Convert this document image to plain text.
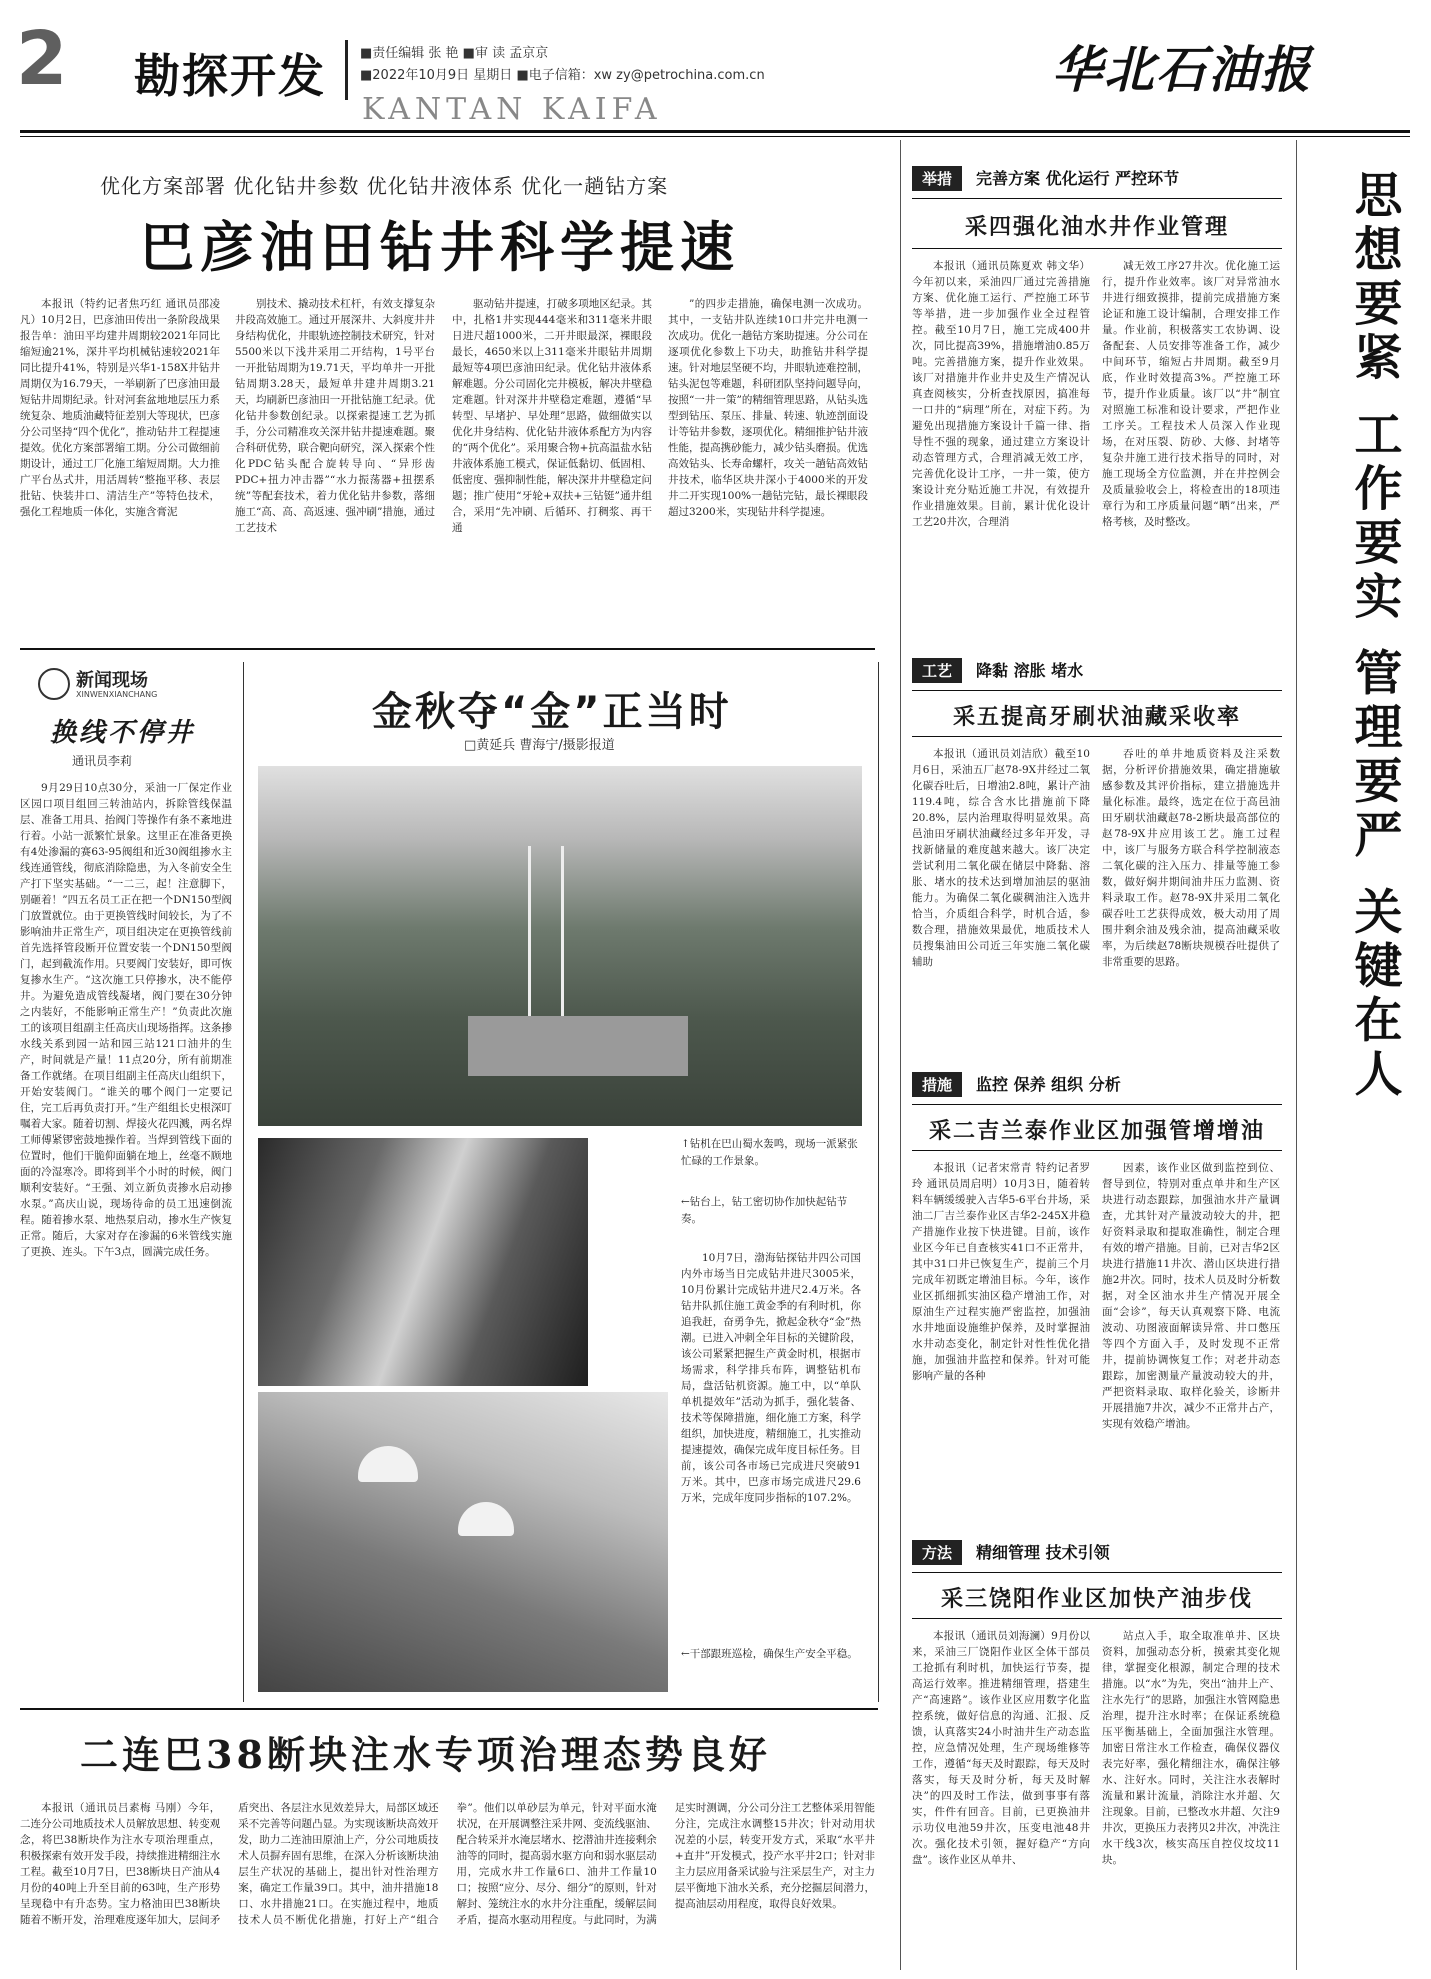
2 勘探开发	■责任编辑 张 艳 ■审 读 孟京京
■2022年10月9日 星期日 ■电子信箱：xw zy@petrochina.com.cn
KANTAN KAIFA
华北石油报
优化方案部署 优化钻井参数 优化钻井液体系 优化一趟钻方案
巴彦油田钻井科学提速
本报讯（特约记者焦巧红 通讯员邵凌凡）10月2日，巴彦油田传出一条阶段战果报告单：油田平均建井周期较2021年同比缩短逾21%，深井平均机械钻速较2021年同比提升41%，特别是兴华1-158X井钻井周期仅为16.79天，一举刷新了巴彦油田最短钻井周期纪录。针对河套盆地地层压力系统复杂、地质油藏特征差别大等现状，巴彦分公司坚持“四个优化”，推动钻井工程提速提效。优化方案部署缩工期。分公司做细前期设计，通过工厂化施工缩短周期。大力推广平台丛式井，用活周转“整拖平移、表层批钻、快装井口、清洁生产”等特色技术，强化工程地质一体化，实施含膏泥
别技术、撬动技术杠杆，有效支撑复杂井段高效施工。通过开展深井、大斜度井井身结构优化，井眼轨迹控制技术研究，针对5500米以下浅井采用二开结构，1号平台一开批钻周期为19.71天，平均单井一开批钻周期3.28天，最短单井建井周期3.21天，均刷新巴彦油田一开批钻施工纪录。优化钻井参数创纪录。以探索提速工艺为抓手，分公司精准攻关深井钻井提速难题。聚合科研优势，联合靶向研究，深入探索个性化PDC钻头配合旋转导向、“异形齿PDC+扭力冲击器”“水力振荡器+扭摆系统”等配套技术，着力优化钻井参数，落细施工“高、高、高返速、强冲刷”措施，通过工艺技术
驱动钻井提速，打破多项地区纪录。其中，扎格1井实现444毫米和311毫米井眼日进尺超1000米，二开井眼最深，裸眼段最长，4650米以上311毫米井眼钻井周期最短等4项巴彦油田纪录。优化钻井液体系解难题。分公司固化完井模板，解决井壁稳定难题。针对深井井壁稳定难题，遵循“早转型、早堵护、早处理”思路，做细做实以优化井身结构、优化钻井液体系配方为内容的“两个优化”。采用聚合物+抗高温盐水钻井液体系施工模式，保证低黏切、低固相、低密度、强抑制性能，解决深井井壁稳定问题；推广使用“牙轮+双扶+三钻铤”通井组合，采用“先冲刷、后循环、打稠浆、再干通
”的四步走措施，确保电测一次成功。其中，一支钻井队连续10口井完井电测一次成功。优化一趟钻方案助提速。分公司在逐项优化参数上下功夫，助推钻井科学提速。针对地层坚硬不均，井眼轨迹难控制，钻头泥包等难题，科研团队坚持问题导向，按照“一井一策”的精细管理思路，从钻头选型到钻压、泵压、排量、转速、轨迹剖面设计等钻井参数，逐项优化。精细推护钻井液性能，提高携砂能力，减少钻头磨损。优选高效钻头、长寿命螺杆，攻关一趟钻高效钻井技术，临华区块井深小于4000米的开发井二开实现100%一趟钻完钻，最长裸眼段超过3200米，实现钻井科学提速。
新闻现场
XINWENXIANCHANG
换线不停井
通讯员李莉
9月29日10点30分，采油一厂保定作业区园口项目组回三转油站内，拆除管线保温层、准备工用具、抬阀门等操作有条不紊地进行着。小站一派繁忙景象。这里正在准备更换有4处渗漏的赛63-95阀组和近30阀组掺水主线连通管线，彻底消除隐患，为入冬前安全生产打下坚实基础。“一二三，起！注意脚下，别砸着！”四五名员工正在把一个DN150型阀门放置就位。由于更换管线时间较长，为了不影响油井正常生产，项目组决定在更换管线前首先选择管段断开位置安装一个DN150型阀门，起到截流作用。只要阀门安装好，即可恢复掺水生产。“这次施工只停掺水，决不能停井。为避免造成管线凝堵，阀门要在30分钟之内装好，不能影响正常生产！”负责此次施工的该项目组副主任高庆山现场指挥。这条掺水线关系到园一站和园三站121口油井的生产，时间就是产量！11点20分，所有前期准备工作就绪。在项目组副主任高庆山组织下，开始安装阀门。“谁关的哪个阀门一定要记住，完工后再负责打开。”生产组组长史根深叮嘱着大家。随着切割、焊接火花四溅，两名焊工师傅紧锣密鼓地操作着。当焊到管线下面的位置时，他们干脆仰面躺在地上，丝毫不顾地面的冷湿寒冷。即将到半个小时的时候，阀门顺利安装好。“王强、刘立新负责掺水启动掺水泵。”高庆山说，现场待命的员工迅速倒流程。随着掺水泵、地热泵启动，掺水生产恢复正常。随后，大家对存在渗漏的6米管线实施了更换、连头。下午3点，圆满完成任务。
金秋夺“金”正当时
□黄延兵 曹海宁/摄影报道
↑钻机在巴山蜀水轰鸣，现场一派紧张忙碌的工作景象。
←钻台上，钻工密切协作加快起钻节奏。
10月7日，渤海钻探钻井四公司国内外市场当日完成钻井进尺3005米，10月份累计完成钻井进尺2.4万米。各钻井队抓住施工黄金季的有利时机，你追我赶，奋勇争先，掀起金秋夺“金”热潮。已进入冲刺全年目标的关键阶段，该公司紧紧把握生产黄金时机，根据市场需求，科学排兵布阵，调整钻机布局，盘活钻机资源。施工中，以“单队单机提效年”活动为抓手，强化装备、技术等保障措施，细化施工方案，科学组织，加快进度，精细施工，扎实推动提速提效，确保完成年度目标任务。目前，该公司各市场已完成进尺突破91万米。其中，巴彦市场完成进尺29.6万米，完成年度同步指标的107.2%。
←干部跟班巡检，确保生产安全平稳。
二连巴38断块注水专项治理态势良好
本报讯（通讯员吕素梅 马刚）今年，二连分公司地质技术人员解放思想、转变观念，将巴38断块作为注水专项治理重点，积极探索有效开发手段，持续推进精细注水工程。截至10月7日，巴38断块日产油从4月份的40吨上升至目前的63吨，生产形势呈现稳中有升态势。宝力格油田巴38断块随着不断开发，治理难度逐年加大，层间矛盾突出、各层注水见效差异大，局部区域还采不完善等问题凸显。为实现该断块高效开发，助力二连油田原油上产，分公司地质技术人员摒弃固有思维，在深入分析该断块油层生产状况的基础上，提出针对性治理方案，确定工作量39口。其中，油井措施18口、水井措施21口。在实施过程中，地质技术人员不断优化措施，打好上产“组合拳”。他们以单砂层为单元，针对平面水淹状况，在开展调整注采井网、变流线驱油、配合转采并水淹层堵水、挖潜油井连接剩余油等的同时，提高弱水驱方向和弱水驱层动用，完成水井工作量6口、油井工作量10口；按照“应分、尽分、细分”的原则，针对解封、笼统注水的水井分注重配，缓解层间矛盾，提高水驱动用程度。与此同时，为满足实时测调，分公司分注工艺整体采用智能分注，完成注水调整15井次；针对动用状况差的小层，转变开发方式，采取“水平井+直井”开发模式，投产水平井2口；针对非主力层应用备采试验与注采层生产，对主力层平衡地下油水关系，充分挖掘层间潜力，提高油层动用程度，取得良好效果。
举措 完善方案 优化运行 严控环节
采四强化油水井作业管理
本报讯（通讯员陈夏欢 韩文华）今年初以来，采油四厂通过完善措施方案、优化施工运行、严控施工环节等举措，进一步加强作业全过程管控。截至10月7日，施工完成400井次，同比提高39%，措施增油0.85万吨。完善措施方案，提升作业效果。该厂对措施井作业井史及生产情况认真查阅核实，分析查找原因，搞准每一口井的“病理”所在，对症下药。为避免出现措施方案设计千篇一律、指导性不强的现象，通过建立方案设计动态管理方式，合理消减无效工序，完善优化设计工序，一井一策，使方案设计充分贴近施工井况，有效提升作业措施效果。目前，累计优化设计工艺20井次，合理消
减无效工序27井次。优化施工运行，提升作业效率。该厂对异常油水井进行细致摸排，提前完成措施方案论证和施工设计编制，合理安排工作量。作业前，积极落实工农协调、设备配套、人员安排等准备工作，减少中间环节，缩短占井周期。截至9月底，作业时效提高3%。严控施工环节，提升作业质量。该厂以“井”制宜对照施工标准和设计要求，严把作业工序关。工程技术人员深入作业现场，在对压裂、防砂、大修、封堵等复杂井施工进行技术指导的同时，对施工现场全方位监测，并在井控例会及质量验收会上，将检查出的18项违章行为和工序质量问题“晒”出来，严格考核，及时整改。
工艺 降黏 溶胀 堵水
采五提高牙刷状油藏采收率
本报讯（通讯员刘洁欣）截至10月6日，采油五厂赵78-9X井经过二氧化碳吞吐后，日增油2.8吨，累计产油119.4吨，综合含水比措施前下降20.8%，层内治理取得明显效果。高邑油田牙刷状油藏经过多年开发，寻找新储量的难度越来越大。该厂决定尝试利用二氧化碳在储层中降黏、溶胀、堵水的技术达到增加油层的驱油能力。为确保二氧化碳稠油注入选井恰当，介质组合科学，时机合适，参数合理，措施效果最优，地质技术人员搜集油田公司近三年实施二氧化碳辅助
吞吐的单井地质资料及注采数据，分析评价措施效果，确定措施敏感参数及其评价指标，建立措施选井量化标准。最终，选定在位于高邑油田牙刷状油藏赵78-2断块最高部位的赵78-9X井应用该工艺。施工过程中，该厂与服务方联合科学控制液态二氧化碳的注入压力、排量等施工参数，做好焖井期间油井压力监测、资料录取工作。赵78-9X井采用二氧化碳吞吐工艺获得成效，极大动用了周围井剩余油及残余油，提高油藏采收率，为后续赵78断块规模吞吐提供了非常重要的思路。
措施 监控 保养 组织 分析
采二吉兰泰作业区加强管增增油
本报讯（记者宋常青 特约记者罗玲 通讯员周启明）10月3日，随着转料车辆缓缓驶入吉华5-6平台井场，采油二厂吉兰泰作业区吉华2-245X井稳产措施作业按下快进键。目前，该作业区今年已自查核实41口不正常井，其中31口井已恢复生产，提前三个月完成年初既定增油目标。今年，该作业区抓细抓实油区稳产增油工作，对原油生产过程实施严密监控，加强油水井地面设施维护保养，及时掌握油水井动态变化，制定针对性性优化措施，加强油井监控和保养。针对可能影响产量的各种
因素，该作业区做到监控到位、督导到位，特别对重点单井和生产区块进行动态跟踪，加强油水井产量调查，尤其针对产量波动较大的井，把好资料录取和提取准确性，制定合理有效的增产措施。目前，已对吉华2区块进行措施11井次、潜山区块进行措施2井次。同时，技术人员及时分析数据，对全区油水井生产情况开展全面“会诊”，每天认真观察下降、电流波动、功图液面解读异常、井口憋压等四个方面入手，及时发现不正常井，提前协调恢复工作；对老井动态跟踪，加密测量产量波动较大的井，严把资料录取、取样化验关，诊断井开展措施7井次，减少不正常井占产，实现有效稳产增油。
方法 精细管理 技术引领
采三饶阳作业区加快产油步伐
本报讯（通讯员刘海澜）9月份以来，采油三厂饶阳作业区全体干部员工抢抓有利时机，加快运行节奏，提高运行效率。推进精细管理，搭建生产“高速路”。该作业区应用数字化监控系统，做好信息的沟通、汇报、反馈，认真落实24小时油井生产动态监控，应急情况处理，生产现场维修等工作，遵循“每天及时跟踪，每天及时落实，每天及时分析，每天及时解决”的四及时工作法，做到事事有落实，件件有回音。目前，已更换油井示功仪电池59井次，压变电池48井次。强化技术引领，握好稳产“方向盘”。该作业区从单井、
站点入手，取全取准单井、区块资料，加强动态分析，摸索其变化规律，掌握变化根源，制定合理的技术措施。以“水”为先，突出“油井上产、注水先行”的思路，加强注水管网隐患治理，提升注水时率；在保证系统稳压平衡基础上，全面加强注水管理。加密日常注水工作检查，确保仪器仪表完好率，强化精细注水，确保注够水、注好水。同时，关注注水表解时流量和累计流量，消除注水并超、欠注现象。目前，已整改水井超、欠注9井次，更换压力表拷贝2井次，冲洗注水干线3次，核实高压自控仪坟坟11块。
思想要紧 工作要实 管理要严 关键在人
